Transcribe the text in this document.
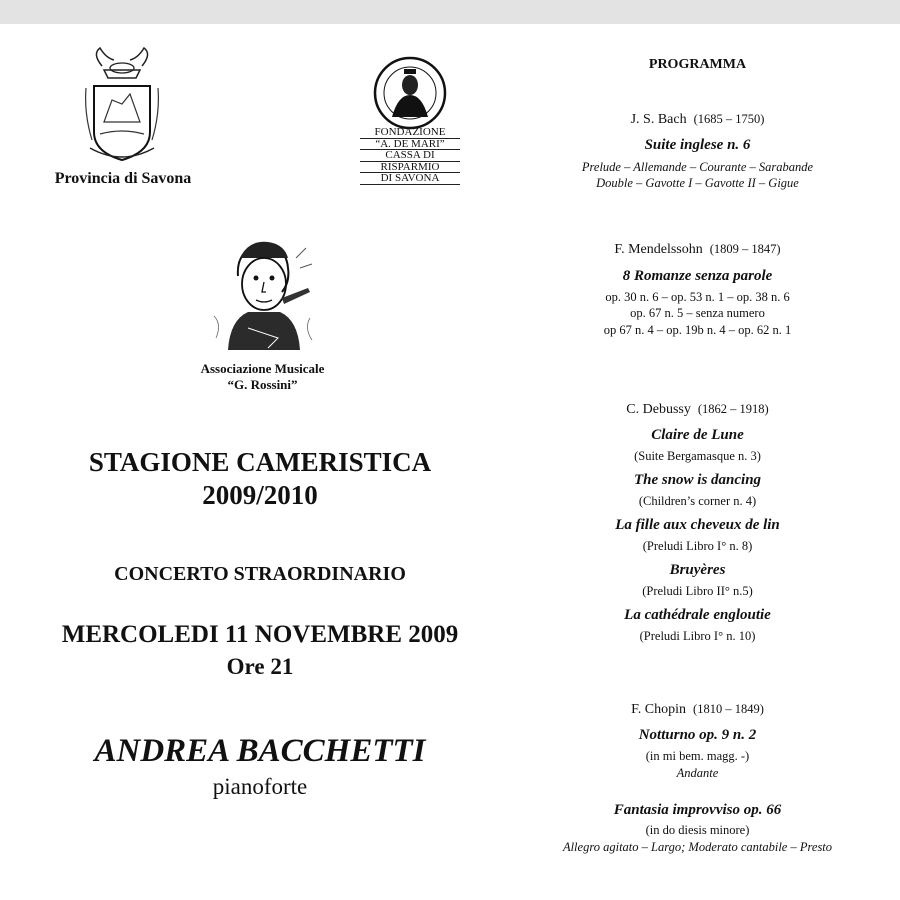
Provincia di Savona
FONDAZIONE
“A. DE MARI”
CASSA DI
RISPARMIO
DI SAVONA
Associazione Musicale
“G. Rossini”
STAGIONE CAMERISTICA
2009/2010
CONCERTO STRAORDINARIO
MERCOLEDI 11 NOVEMBRE 2009
Ore 21
ANDREA BACCHETTI
pianoforte
PROGRAMMA
J. S. Bach (1685 – 1750)
Suite inglese n. 6
Prelude – Allemande – Courante – Sarabande
Double – Gavotte I – Gavotte II – Gigue
F. Mendelssohn (1809 – 1847)
8 Romanze senza parole
op. 30 n. 6 – op. 53 n. 1 – op. 38 n. 6
op. 67 n. 5 – senza numero
op 67 n. 4 – op. 19b n. 4 – op. 62 n. 1
C. Debussy (1862 – 1918)
Claire de Lune
(Suite Bergamasque n. 3)
The snow is dancing
(Children’s corner n. 4)
La fille aux cheveux de lin
(Preludi Libro I° n. 8)
Bruyères
(Preludi Libro II° n.5)
La cathédrale engloutie
(Preludi Libro I° n. 10)
F. Chopin (1810 – 1849)
Notturno op. 9 n. 2
(in mi bem. magg. -)
Andante
Fantasia improvviso op. 66
(in do diesis minore)
Allegro agitato – Largo; Moderato cantabile – Presto
